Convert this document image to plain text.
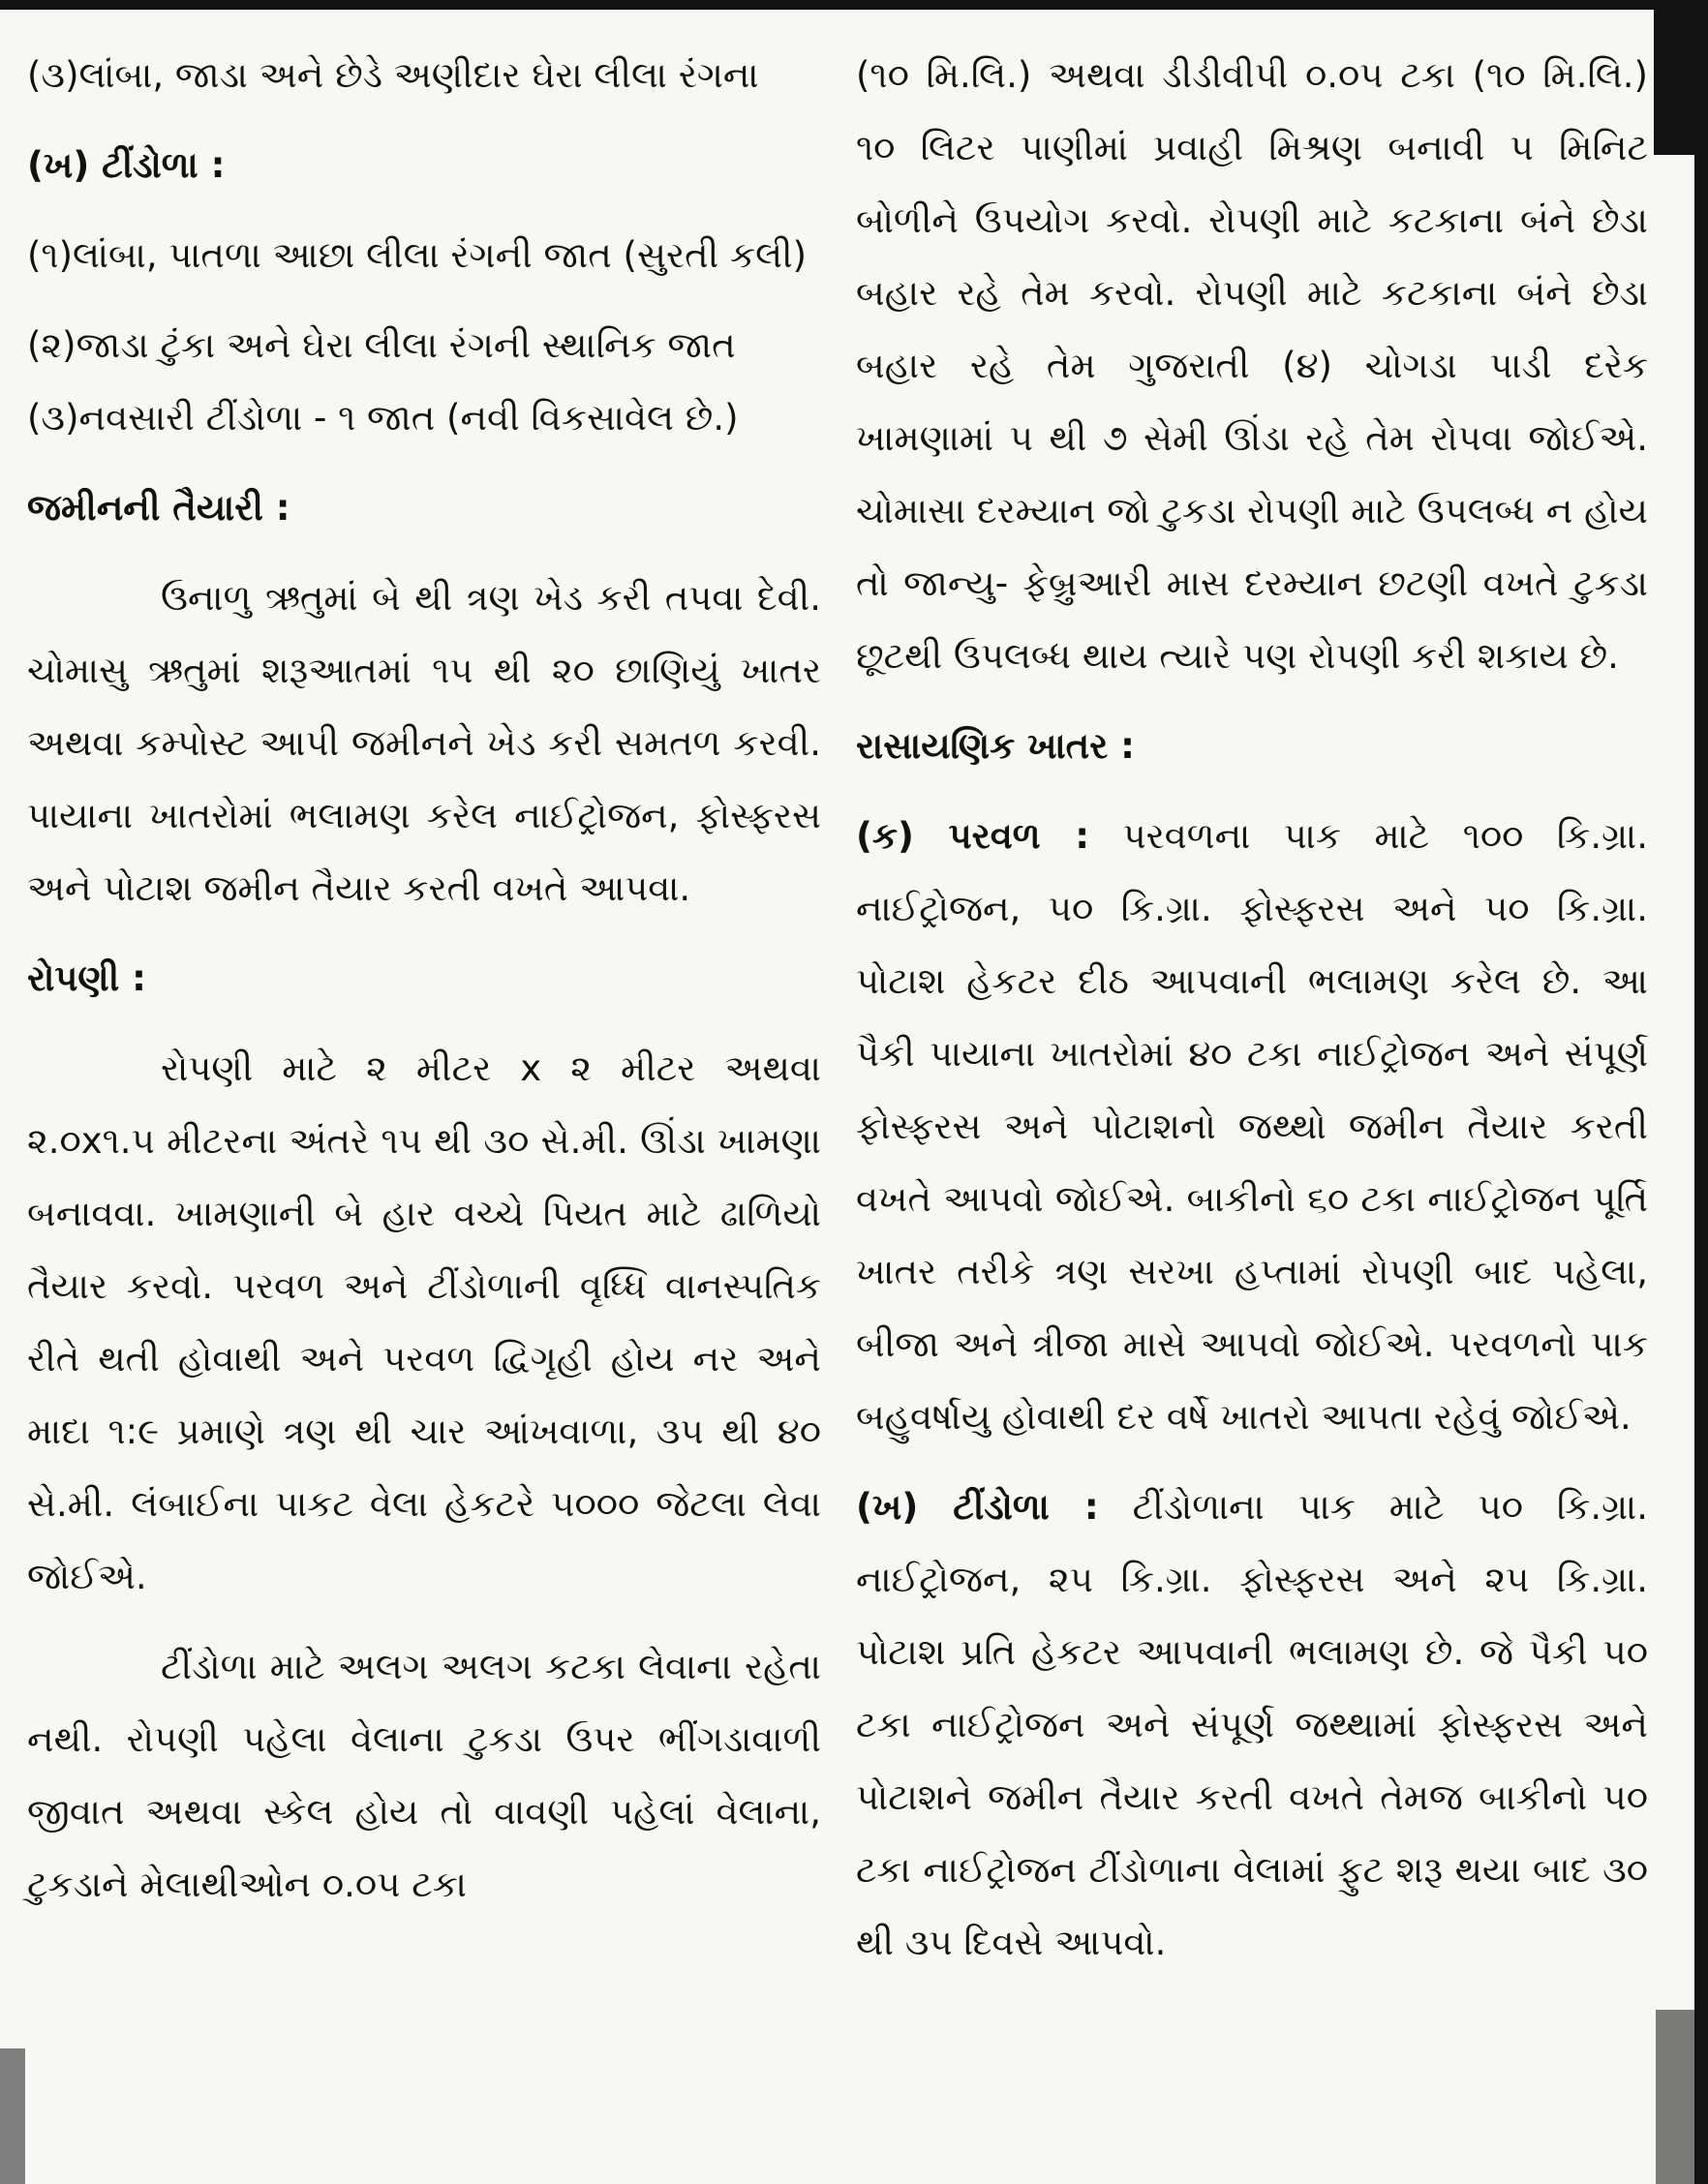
(૩)લાંબા, જાડા અને છેડે અણીદાર ઘેરા લીલા રંગના

(ખ) ટીંડોળા :

(૧)લાંબા, પાતળા આછા લીલા રંગની જાત (સુરતી કલી)

(૨)જાડા ટુંકા અને ઘેરા લીલા રંગની સ્થાનિક જાત

(૩)નવસારી ટીંડોળા - ૧ જાત (નવી વિકસાવેલ છે.)

જમીનની તૈયારી :

ઉનાળુ ઋતુમાં બે થી ત્રણ ખેડ કરી તપવા દેવી. ચોમાસુ ઋતુમાં શરૂઆતમાં ૧૫ થી ૨૦ છાણિયું ખાતર અથવા કમ્પોસ્ટ આપી જમીનને ખેડ કરી સમતળ કરવી. પાયાના ખાતરોમાં ભલામણ કરેલ નાઈટ્રોજન, ફોસ્ફરસ અને પોટાશ જમીન તૈયાર કરતી વખતે આપવા.

રોપણી :

રોપણી માટે ૨ મીટર x ૨ મીટર અથવા ૨.૦x૧.૫ મીટરના અંતરે ૧૫ થી ૩૦ સે.મી. ઊંડા ખામણા બનાવવા. ખામણાની બે હાર વચ્ચે પિયત માટે ઢાળિયો તૈયાર કરવો. પરવળ અને ટીંડોળાની વૃધ્ધિ વાનસ્પતિક રીતે થતી હોવાથી અને પરવળ દ્વિગૃહી હોય નર અને માદા ૧:૯ પ્રમાણે ત્રણ થી ચાર આંખવાળા, ૩૫ થી ૪૦ સે.મી. લંબાઈના પાકટ વેલા હેકટરે ૫૦૦૦ જેટલા લેવા જોઈએ.

ટીંડોળા માટે અલગ અલગ કટકા લેવાના રહેતા નથી. રોપણી પહેલા વેલાના ટુકડા ઉપર ભીંગડાવાળી જીવાત અથવા સ્કેલ હોય તો વાવણી પહેલાં વેલાના, ટુકડાને મેલાથીઓન ૦.૦૫ ટકા

(૧૦ મિ.લિ.) અથવા ડીડીવીપી ૦.૦૫ ટકા (૧૦ મિ.લિ.) ૧૦ લિટર પાણીમાં પ્રવાહી મિશ્રણ બનાવી ૫ મિનિટ બોળીને ઉપયોગ કરવો. રોપણી માટે કટકાના બંને છેડા બહાર રહે તેમ કરવો. રોપણી માટે કટકાના બંને છેડા બહાર રહે તેમ ગુજરાતી (૪) ચોગડા પાડી દરેક ખામણામાં ૫ થી ૭ સેમી ઊંડા રહે તેમ રોપવા જોઈએ. ચોમાસા દરમ્યાન જો ટુકડા રોપણી માટે ઉપલબ્ધ ન હોય તો જાન્યુ- ફેબ્રુઆરી માસ દરમ્યાન છટણી વખતે ટુકડા છૂટથી ઉપલબ્ધ થાય ત્યારે પણ રોપણી કરી શકાય છે.

રાસાયણિક ખાતર :

(ક) પરવળ : પરવળના પાક માટે ૧૦૦ કિ.ગ્રા. નાઈટ્રોજન, ૫૦ કિ.ગ્રા. ફોસ્ફરસ અને ૫૦ કિ.ગ્રા. પોટાશ હેકટર દીઠ આપવાની ભલામણ કરેલ છે. આ પૈકી પાયાના ખાતરોમાં ૪૦ ટકા નાઈટ્રોજન અને સંપૂર્ણ ફોસ્ફરસ અને પોટાશનો જથ્થો જમીન તૈયાર કરતી વખતે આપવો જોઈએ. બાકીનો ૬૦ ટકા નાઈટ્રોજન પૂર્તિ ખાતર તરીકે ત્રણ સરખા હપ્તામાં રોપણી બાદ પહેલા, બીજા અને ત્રીજા માસે આપવો જોઈએ. પરવળનો પાક બહુવર્ષાયુ હોવાથી દર વર્ષે ખાતરો આપતા રહેવું જોઈએ.

(ખ) ટીંડોળા : ટીંડોળાના પાક માટે ૫૦ કિ.ગ્રા. નાઈટ્રોજન, ૨૫ કિ.ગ્રા. ફોસ્ફરસ અને ૨૫ કિ.ગ્રા. પોટાશ પ્રતિ હેકટર આપવાની ભલામણ છે. જે પૈકી ૫૦ ટકા નાઈટ્રોજન અને સંપૂર્ણ જથ્થામાં ફોસ્ફરસ અને પોટાશને જમીન તૈયાર કરતી વખતે તેમજ બાકીનો ૫૦ ટકા નાઈટ્રોજન ટીંડોળાના વેલામાં ફુટ શરૂ થયા બાદ ૩૦ થી ૩૫ દિવસે આપવો.
